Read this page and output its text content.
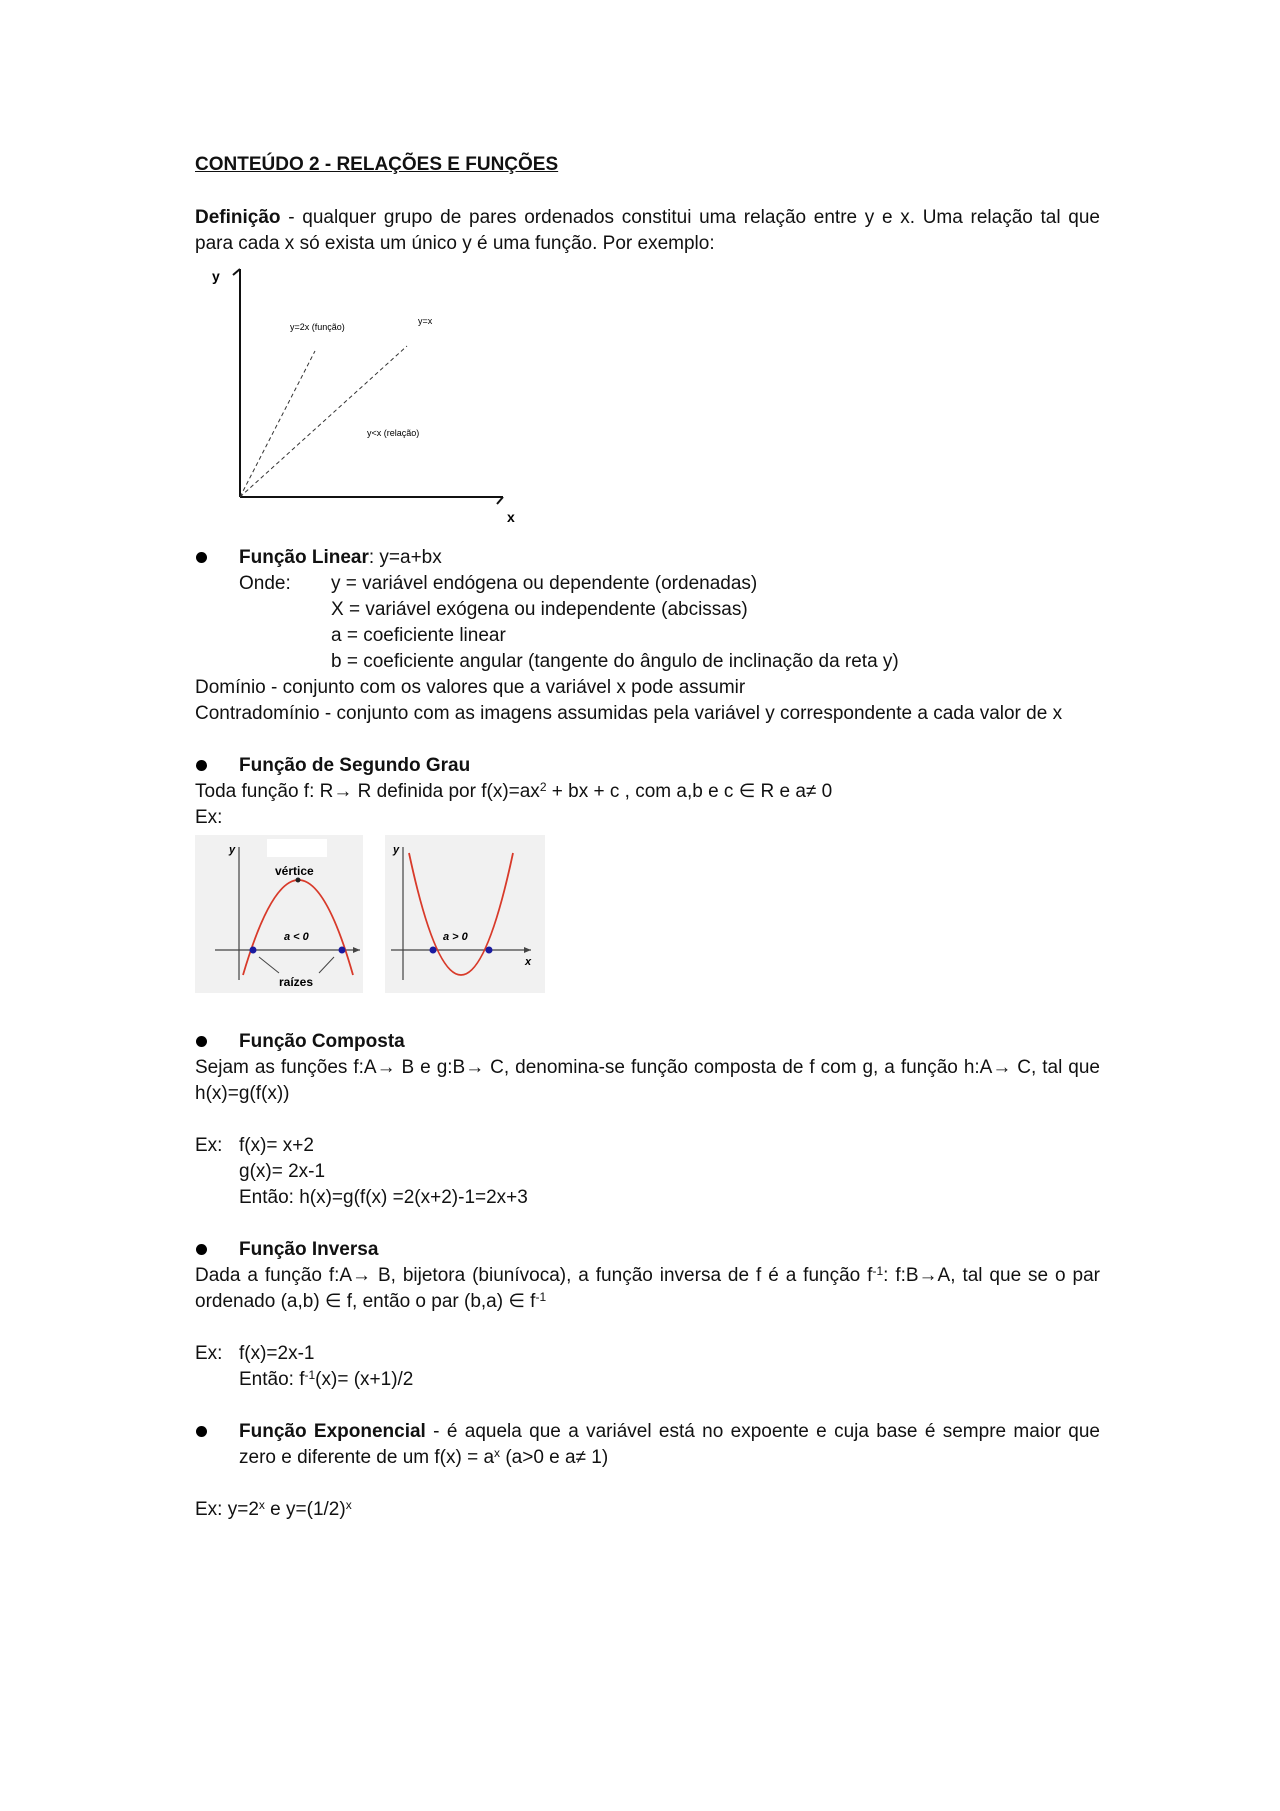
CONTEÚDO 2 - RELAÇÕES E FUNÇÕES

Definição - qualquer grupo de pares ordenados constitui uma relação entre y e x. Uma relação tal que para cada x só exista um único y é uma função. Por exemplo:

y
x
y=2x (função)
y=x
y<x (relação)

Função Linear: y=a+bx

Onde: y = variável endógena ou dependente (ordenadas)

X = variável exógena ou independente (abcissas)

a = coeficiente linear

b = coeficiente angular (tangente do ângulo de inclinação da reta y)

Domínio - conjunto com os valores que a variável x pode assumir

Contradomínio - conjunto com as imagens assumidas pela variável y correspondente a cada valor de x

Função de Segundo Grau

Toda função f: R→ R definida por $f(x)=ax^2$ + bx + c , com a,b e c ∈ R e a≠ 0

Ex:

y
vértice
a < 0
raízes
y
x
a > 0

Função Composta

Sejam as funções f:A→ B e g:B→ C, denomina-se função composta de f com g, a função h:A→ C, tal que h(x)=g(f(x))

Ex: f(x)= x+2

g(x)= 2x-1

Então: h(x)=g(f(x) =2(x+2)-1=2x+3

Função Inversa

Dada a função f:A→ B, bijetora (biunívoca), a função inversa de f é a função $f^{-1}$: f:B→A, tal que se o par ordenado (a,b) ∈ f, então o par (b,a) ∈ $f^{-1}$

Ex: f(x)=2x-1

Então: $f^{-1}(x)= (x+1)/2$

Função Exponencial - é aquela que a variável está no expoente e cuja base é sempre maior que zero e diferente de um $f(x) = a^x$ (a>0 e a≠ 1)

Ex: $y=2^x$ e $y=(1/2)^x$
